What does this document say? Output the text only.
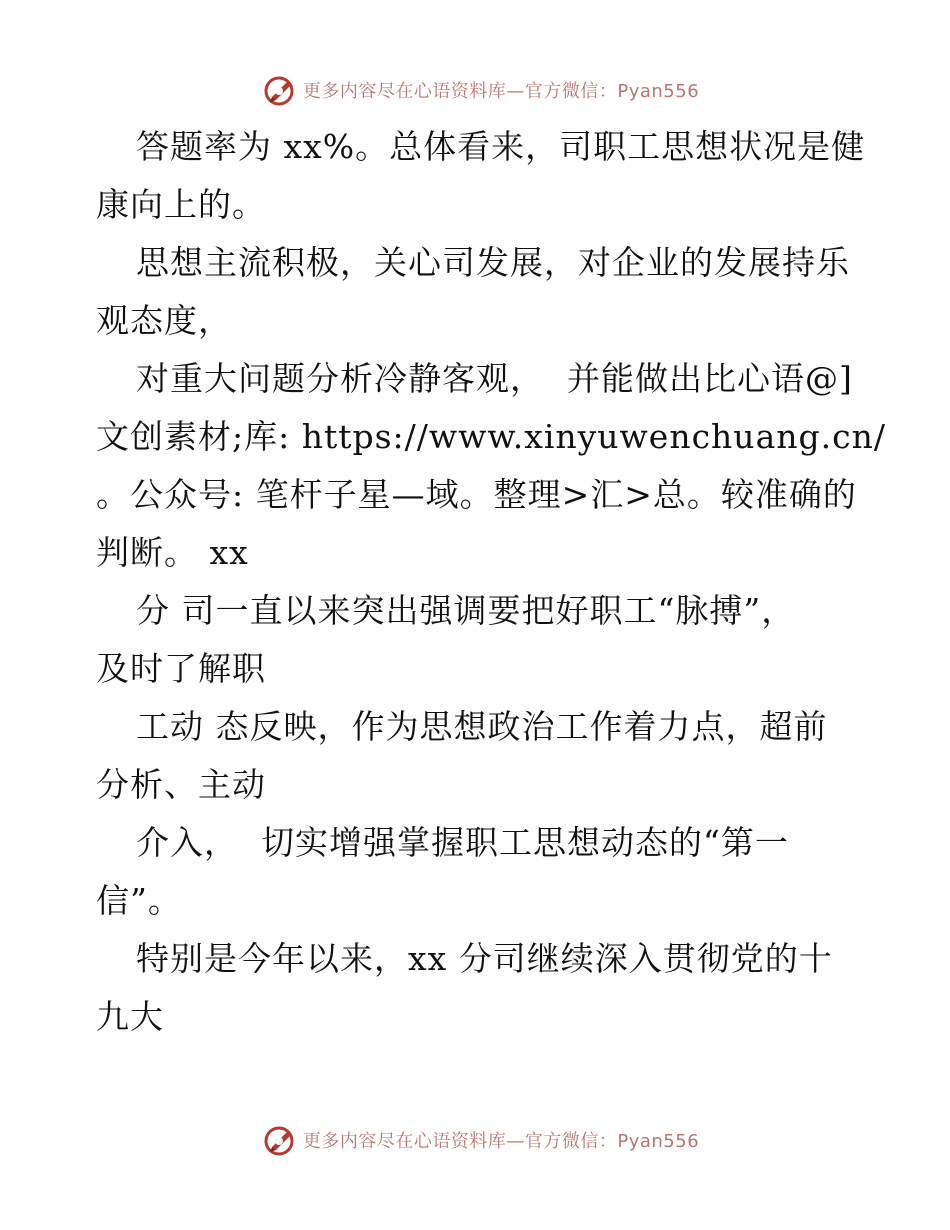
更多内容尽在心语资料库—官方微信：Pyan556
答题率为 xx%。总体看来，司职工思想状况是健
康向上的。
思想主流积极，关心司发展，对企业的发展持乐
观态度，
对重大问题分析冷静客观，  并能做出比心语@]
文创素材;库: https://www.xinyuwenchuang.cn/
。公众号: 笔杆子星—域。整理>汇>总。较准确的
判断。 xx
分 司一直以来突出强调要把好职工“脉搏”，
及时了解职
工动 态反映，作为思想政治工作着力点，超前
分析、主动
介入，  切实增强掌握职工思想动态的“第一
信”。
特别是今年以来，xx 分司继续深入贯彻党的十
九大
更多内容尽在心语资料库—官方微信：Pyan556
